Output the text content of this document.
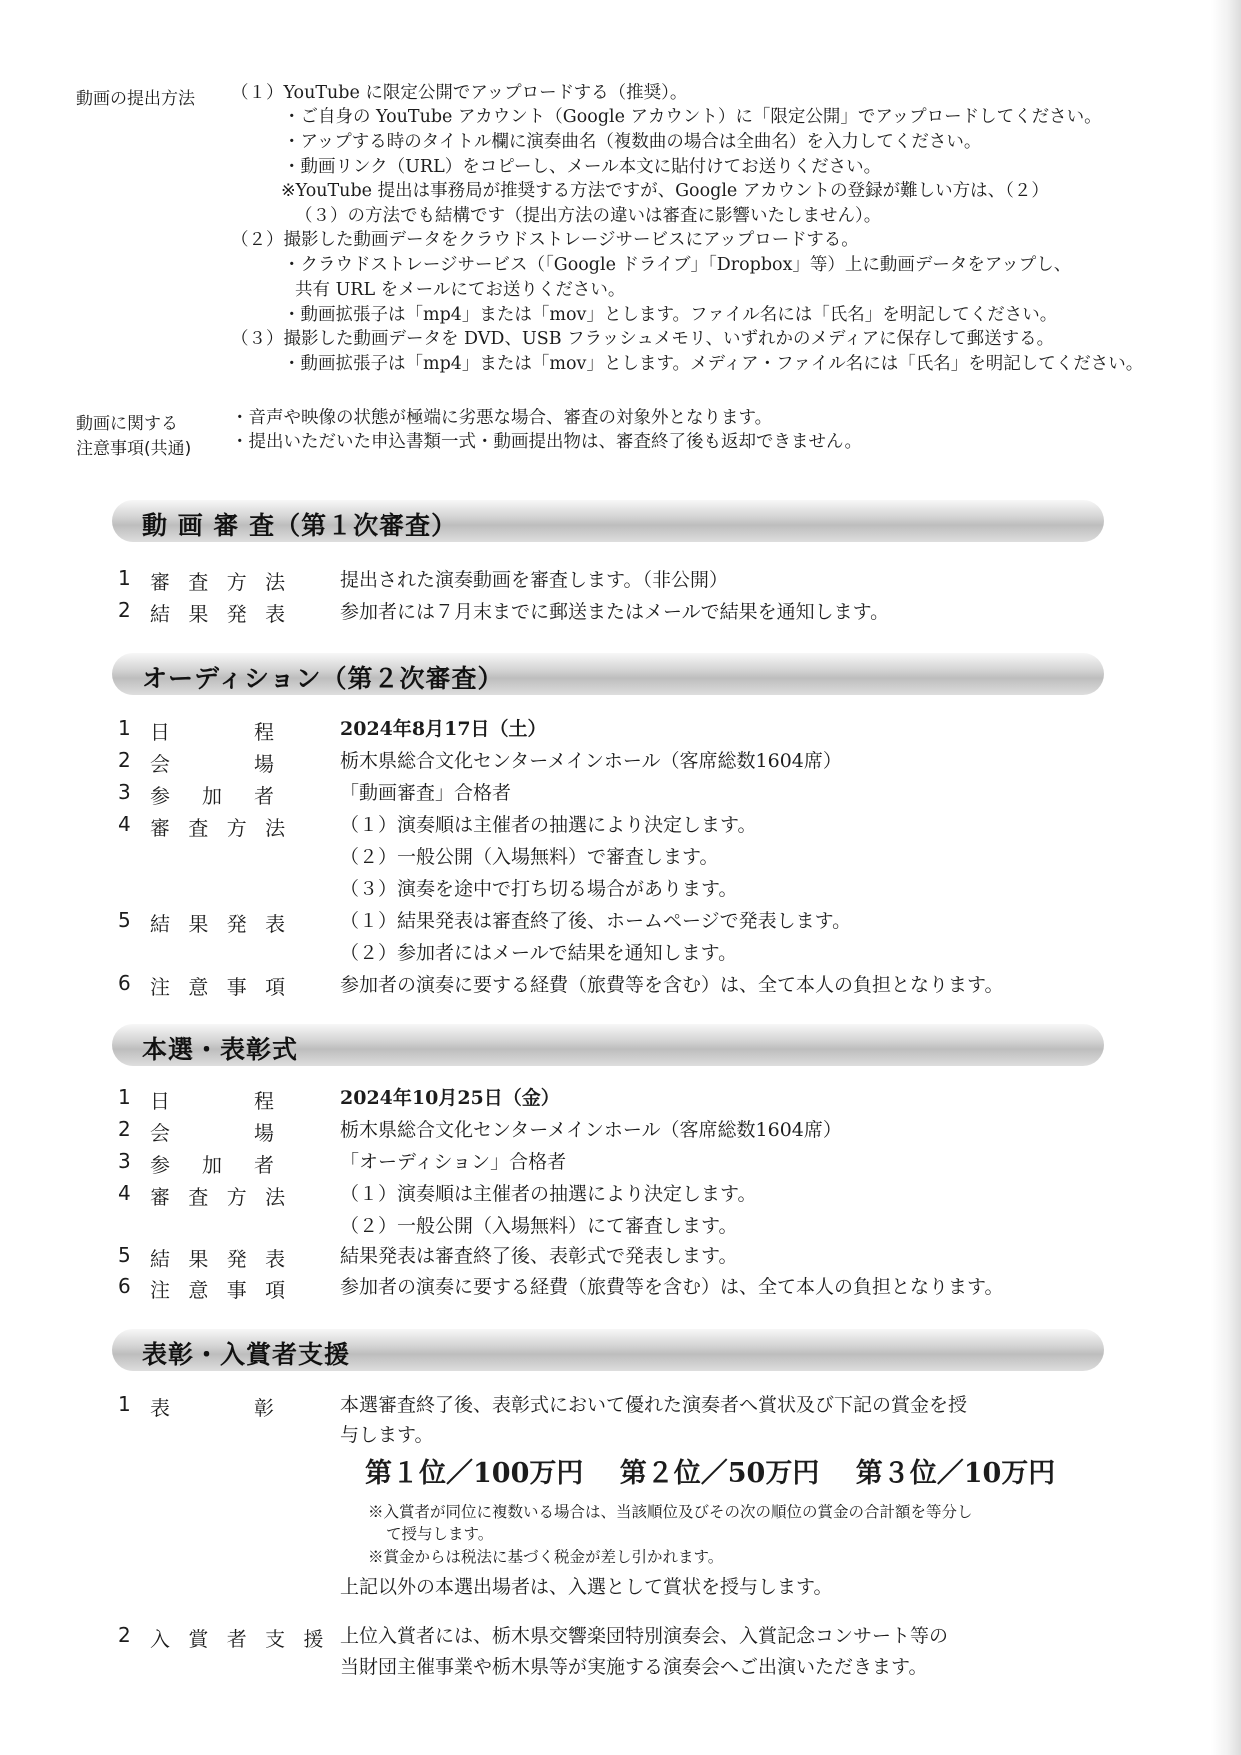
動画の提出方法 （１）YouTube に限定公開でアップロードする（推奨）。
・ご自身の YouTube アカウント（Google アカウント）に「限定公開」でアップロードしてください。
・アップする時のタイトル欄に演奏曲名（複数曲の場合は全曲名）を入力してください。
・動画リンク（URL）をコピーし、メール本文に貼付けてお送りください。
※YouTube 提出は事務局が推奨する方法ですが、Google アカウントの登録が難しい方は、（２）
（３）の方法でも結構です（提出方法の違いは審査に影響いたしません）。
（２）撮影した動画データをクラウドストレージサービスにアップロードする。
・クラウドストレージサービス（「Google ドライブ」「Dropbox」等）上に動画データをアップし、
共有 URL をメールにてお送りください。
・動画拡張子は「mp4」または「mov」とします。ファイル名には「氏名」を明記してください。
（３）撮影した動画データを DVD、USB フラッシュメモリ、いずれかのメディアに保存して郵送する。
・動画拡張子は「mp4」または「mov」とします。メディア・ファイル名には「氏名」を明記してください。
動画に関する
注意事項(共通)
・音声や映像の状態が極端に劣悪な場合、審査の対象外となります。
・提出いただいた申込書類一式・動画提出物は、審査終了後も返却できません。
動 画 審 査（第１次審査）
1 審 査 方 法	提出された演奏動画を審査します。（非公開）
2 結 果 発 表	参加者には７月末までに郵送またはメールで結果を通知します。
オーディション（第２次審査）
1 日　　　程	2024年8月17日（土）
2 会　　　場	栃木県総合文化センターメインホール（客席総数1604席）
3 参　加　者	「動画審査」合格者
4 審 査 方 法	（１）演奏順は主催者の抽選により決定します。
（２）一般公開（入場無料）で審査します。
（３）演奏を途中で打ち切る場合があります。
5 結 果 発 表	（１）結果発表は審査終了後、ホームページで発表します。
（２）参加者にはメールで結果を通知します。
6 注 意 事 項	参加者の演奏に要する経費（旅費等を含む）は、全て本人の負担となります。
本選・表彰式
1 日　　　程	2024年10月25日（金）
2 会　　　場	栃木県総合文化センターメインホール（客席総数1604席）
3 参　加　者	「オーディション」合格者
4 審 査 方 法	（１）演奏順は主催者の抽選により決定します。
（２）一般公開（入場無料）にて審査します。
5 結 果 発 表	結果発表は審査終了後、表彰式で発表します。
6 注 意 事 項	参加者の演奏に要する経費（旅費等を含む）は、全て本人の負担となります。
表彰・入賞者支援
1 表　　　彰	本選審査終了後、表彰式において優れた演奏者へ賞状及び下記の賞金を授
与します。
第１位／100万円　 第２位／50万円　 第３位／10万円
※入賞者が同位に複数いる場合は、当該順位及びその次の順位の賞金の合計額を等分し
て授与します。
※賞金からは税法に基づく税金が差し引かれます。
上記以外の本選出場者は、入選として賞状を授与します。
2 入 賞 者 支 援 上位入賞者には、栃木県交響楽団特別演奏会、入賞記念コンサート等の
当財団主催事業や栃木県等が実施する演奏会へご出演いただきます。
